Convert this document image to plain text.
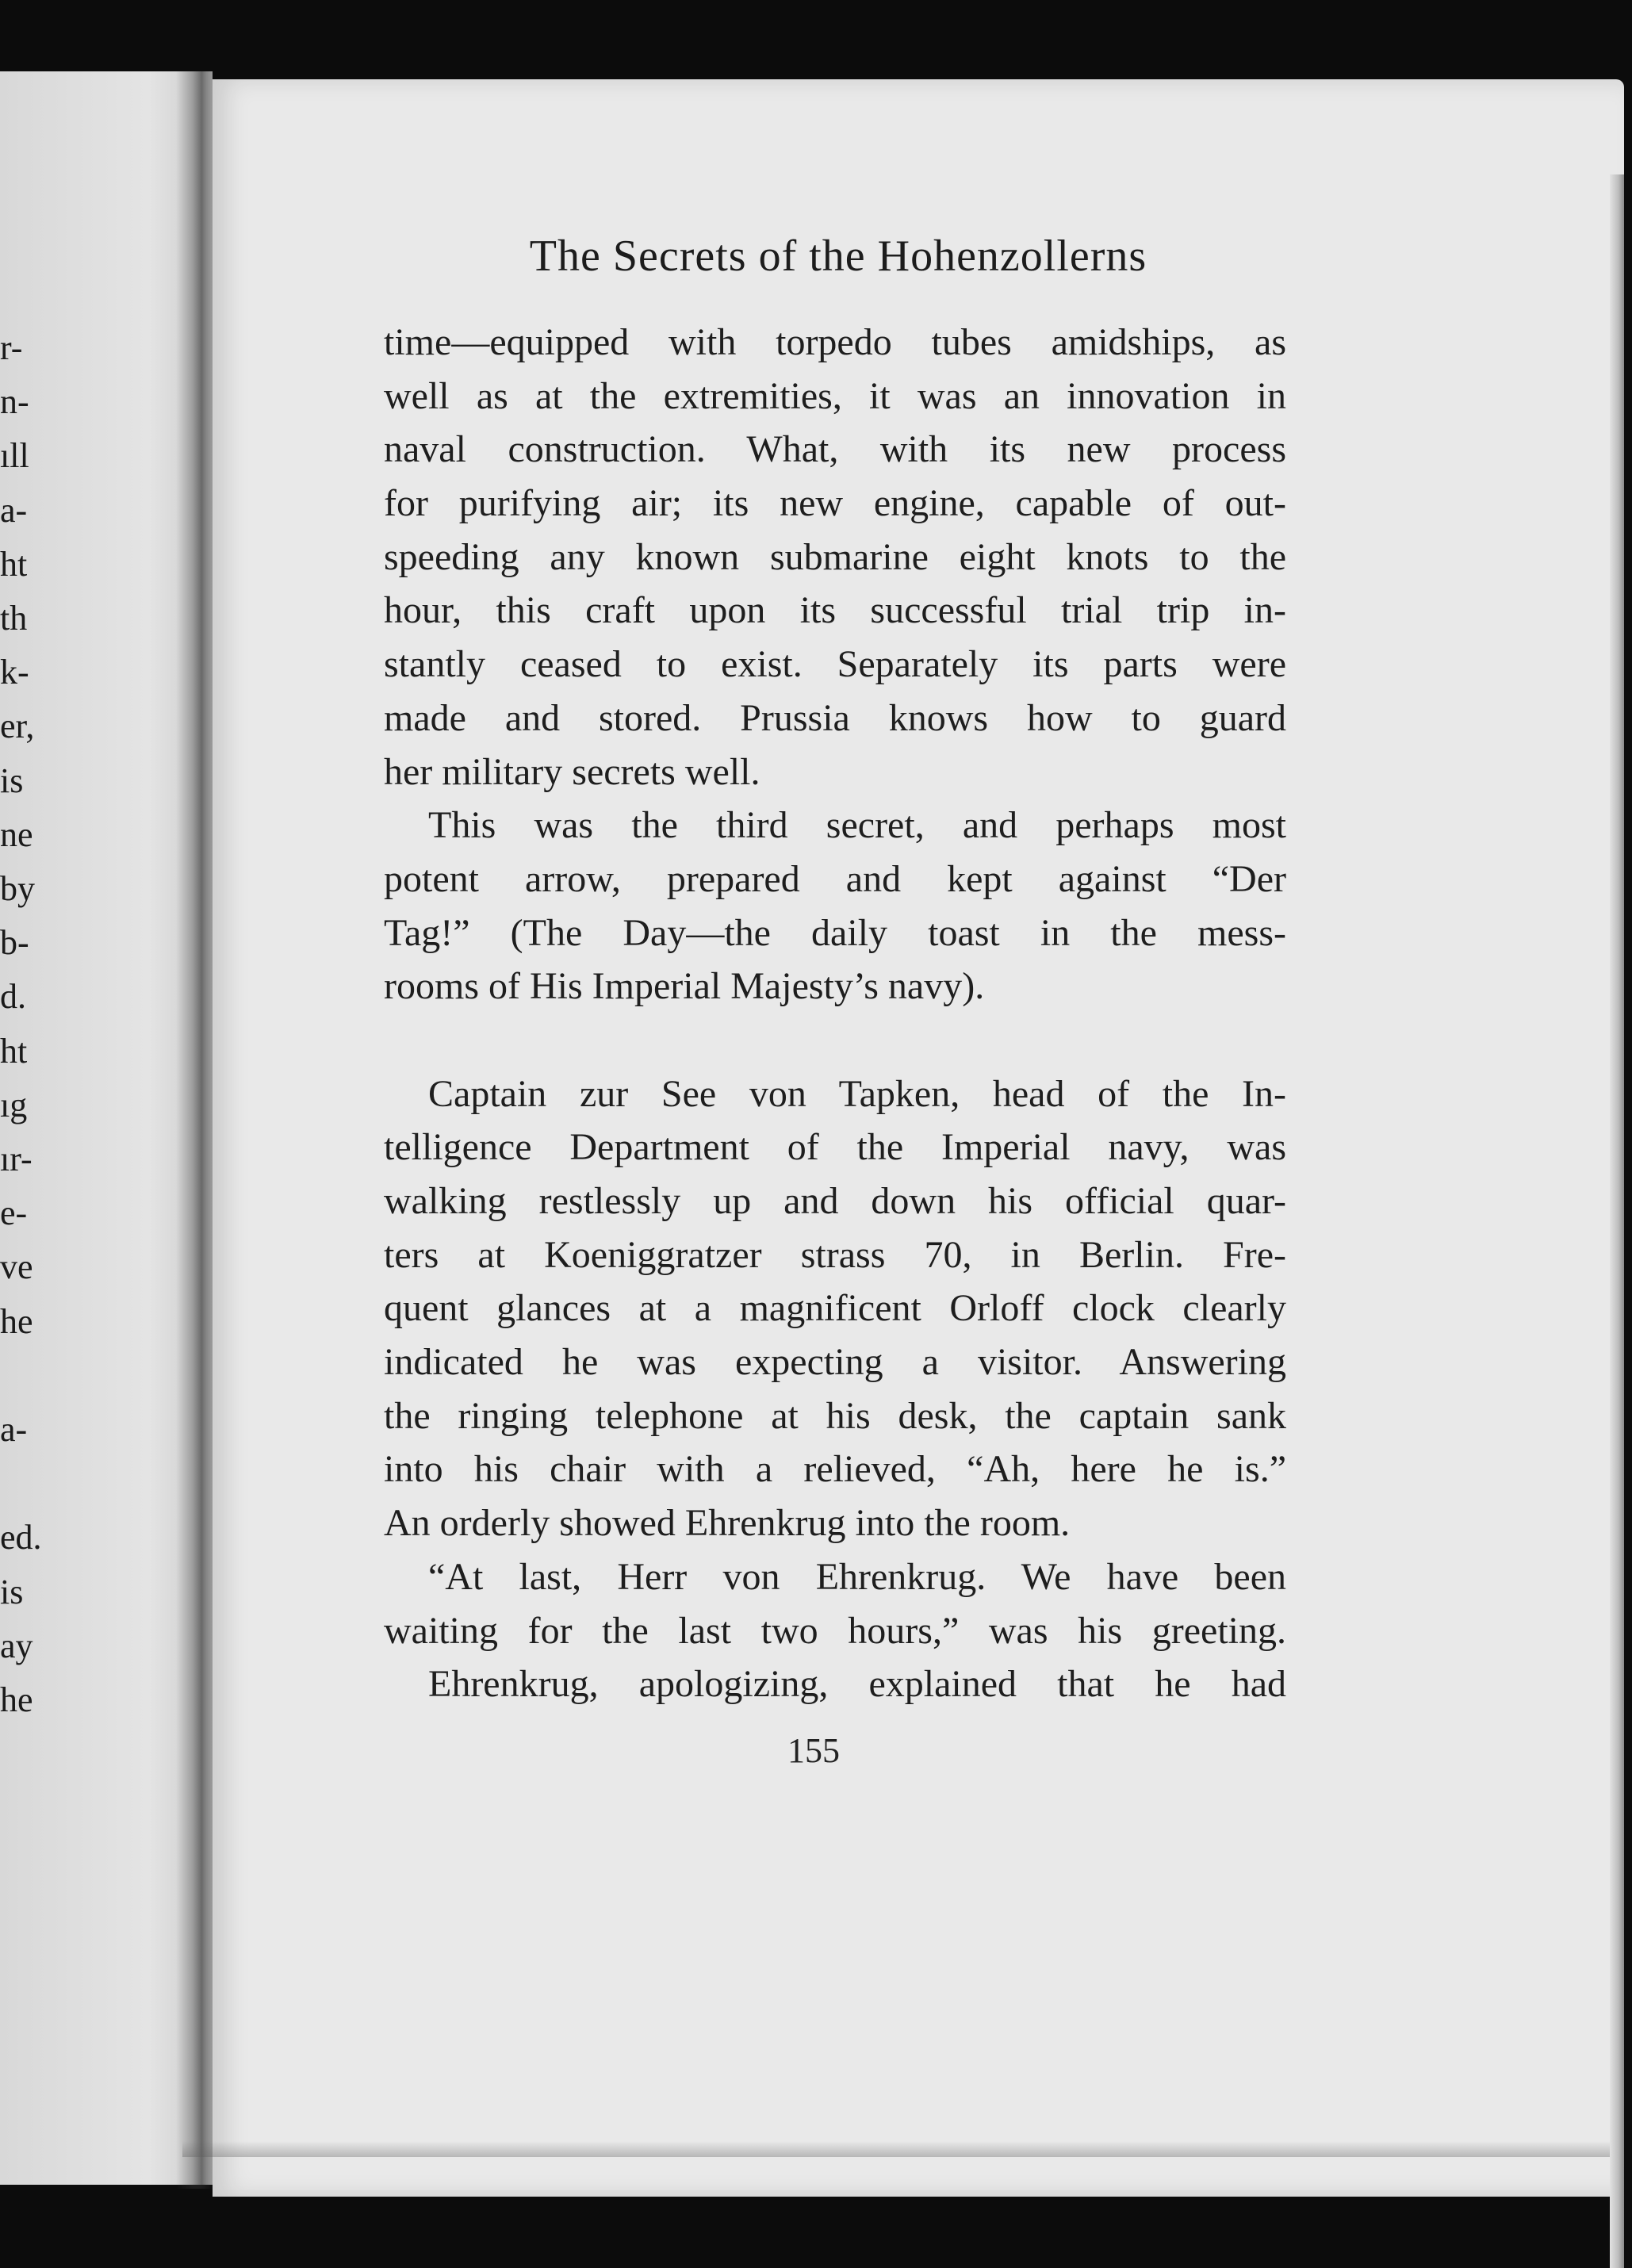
r-
n-
ıll
a-
ht
th
k-
er,
is
ne
by
b-
d.
ht
ıg
ır-
e-
ve
he

a-

ed.
is
ay
he
The Secrets of the Hohenzollerns
time—equipped with torpedo tubes amidships, as
well as at the extremities, it was an innovation in
naval construction. What, with its new process
for purifying air; its new engine, capable of out-
speeding any known submarine eight knots to the
hour, this craft upon its successful trial trip in-
stantly ceased to exist. Separately its parts were
made and stored. Prussia knows how to guard
her military secrets well.
This was the third secret, and perhaps most
potent arrow, prepared and kept against “Der
Tag!” (The Day—the daily toast in the mess-
rooms of His Imperial Majesty’s navy).
Captain zur See von Tapken, head of the In-
telligence Department of the Imperial navy, was
walking restlessly up and down his official quar-
ters at Koeniggratzer strass 70, in Berlin. Fre-
quent glances at a magnificent Orloff clock clearly
indicated he was expecting a visitor. Answering
the ringing telephone at his desk, the captain sank
into his chair with a relieved, “Ah, here he is.”
An orderly showed Ehrenkrug into the room.
“At last, Herr von Ehrenkrug. We have been
waiting for the last two hours,” was his greeting.
Ehrenkrug, apologizing, explained that he had
155
